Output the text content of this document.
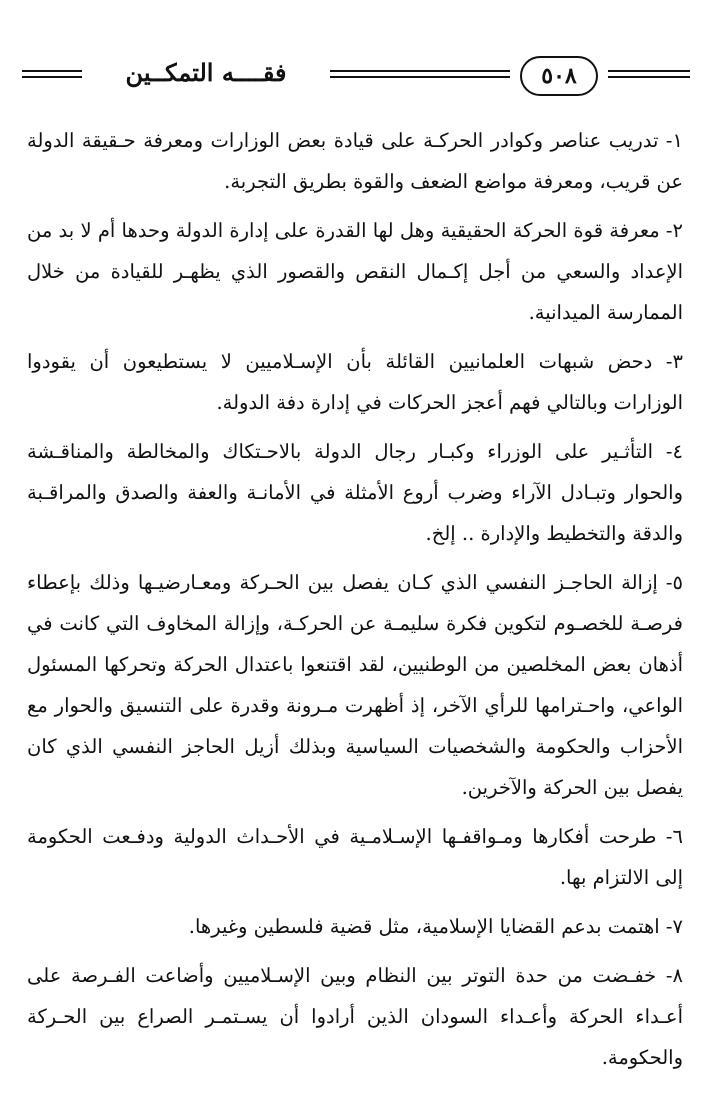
٥٠٨
فقــــه التمكــين

١- تدريب عناصر وكوادر الحركـة على قيادة بعض الوزارات ومعرفة حـقيقة الدولة عن قريب، ومعرفة مواضع الضعف والقوة بطريق التجربة.

٢- معرفة قوة الحركة الحقيقية وهل لها القدرة على إدارة الدولة وحدها أم لا بد من الإعداد والسعي من أجل إكـمال النقص والقصور الذي يظهـر للقيادة من خلال الممارسة الميدانية.

٣- دحض شبهات العلمانيين القائلة بأن الإسـلاميين لا يستطيعون أن يقودوا الوزارات وبالتالي فهم أعجز الحركات في إدارة دفة الدولة.

٤- التأثـير على الوزراء وكبـار رجال الدولة بالاحـتكاك والمخالطة والمناقـشة والحوار وتبـادل الآراء وضرب أروع الأمثلة في الأمانـة والعفة والصدق والمراقـبة والدقة والتخطيط والإدارة .. إلخ.

٥- إزالة الحاجـز النفسي الذي كـان يفصل بين الحـركة ومعـارضيـها وذلك بإعطاء فرصـة للخصـوم لتكوين فكرة سليمـة عن الحركـة، وإزالة المخاوف التي كانت في أذهان بعض المخلصين من الوطنيين، لقد اقتنعوا باعتدال الحركة وتحركها المسئول الواعي، واحـترامها للرأي الآخر، إذ أظهرت مـرونة وقدرة على التنسيق والحوار مع الأحزاب والحكومة والشخصيات السياسية وبذلك أزيل الحاجز النفسي الذي كان يفصل بين الحركة والآخرين.

٦- طرحت أفكارها ومـواقفـها الإسـلامـية في الأحـداث الدولية ودفـعت الحكومة إلى الالتزام بها.

٧- اهتمت بدعم القضايا الإسلامية، مثل قضية فلسطين وغيرها.

٨- خفـضت من حدة التوتر بين النظام وبين الإسـلاميين وأضاعت الفـرصة على أعـداء الحركة وأعـداء السودان الذين أرادوا أن يسـتمـر الصراع بين الحـركة والحكومة.
